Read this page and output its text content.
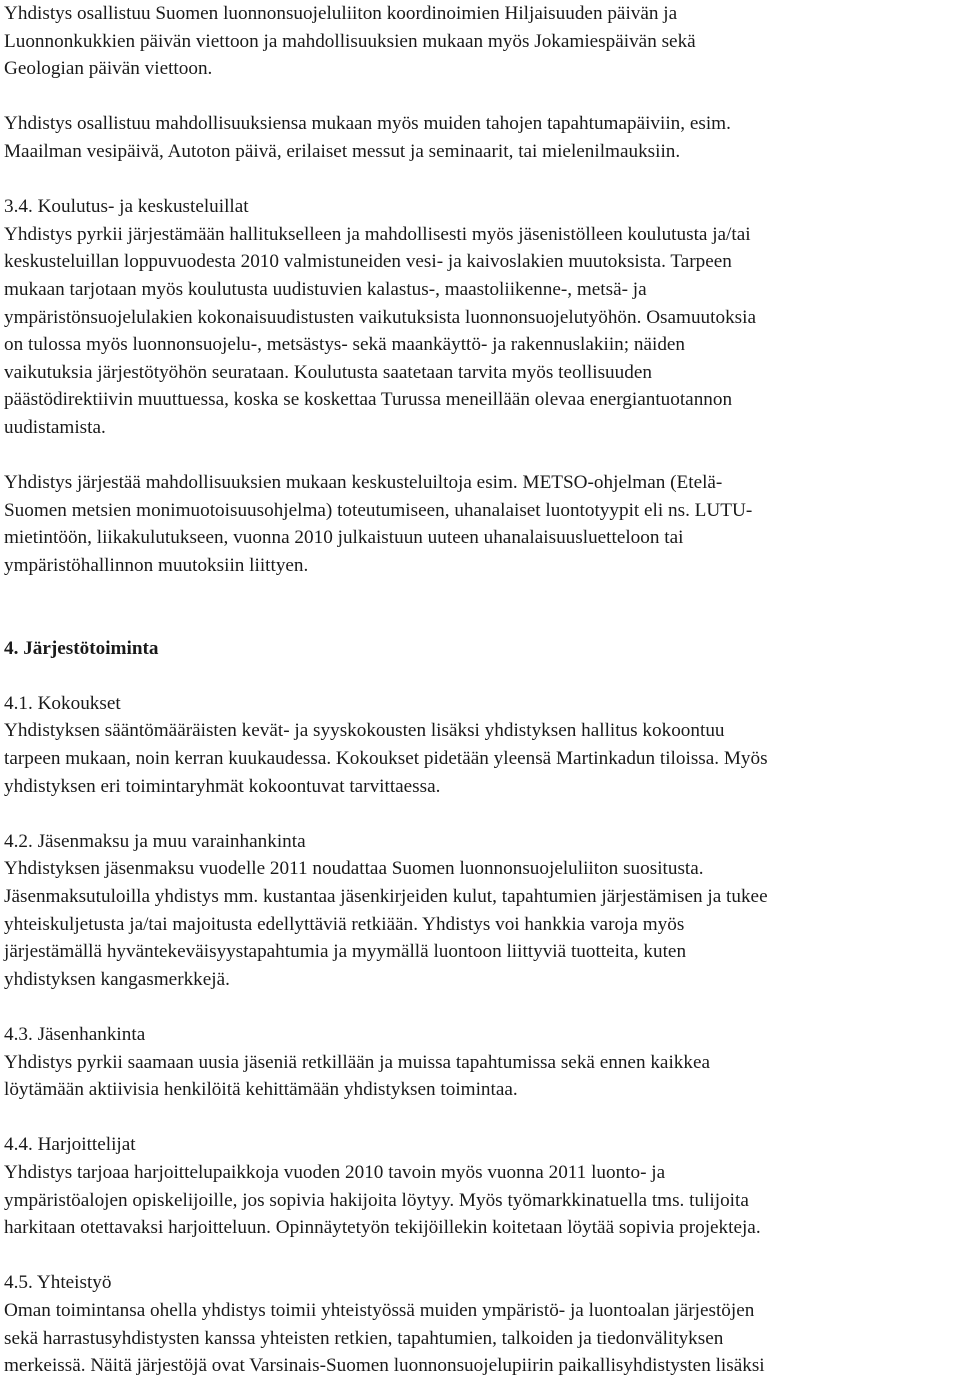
Yhdistys osallistuu Suomen luonnonsuojeluliiton koordinoimien Hiljaisuuden päivän ja
Luonnonkukkien päivän viettoon ja mahdollisuuksien mukaan myös Jokamiespäivän sekä
Geologian päivän viettoon.
Yhdistys osallistuu mahdollisuuksiensa mukaan myös muiden tahojen tapahtumapäiviin, esim.
Maailman vesipäivä, Autoton päivä, erilaiset messut ja seminaarit, tai mielenilmauksiin.
3.4. Koulutus- ja keskusteluillat
Yhdistys pyrkii järjestämään hallitukselleen ja mahdollisesti myös jäsenistölleen koulutusta ja/tai
keskusteluillan loppuvuodesta 2010 valmistuneiden vesi- ja kaivoslakien muutoksista. Tarpeen
mukaan tarjotaan myös koulutusta uudistuvien kalastus-, maastoliikenne-, metsä- ja
ympäristönsuojelulakien kokonaisuudistusten vaikutuksista luonnonsuojelutyöhön. Osamuutoksia
on tulossa myös luonnonsuojelu-, metsästys- sekä maankäyttö- ja rakennuslakiin; näiden
vaikutuksia järjestötyöhön seurataan. Koulutusta saatetaan tarvita myös teollisuuden
päästödirektiivin muuttuessa, koska se koskettaa Turussa meneillään olevaa energiantuotannon
uudistamista.
Yhdistys järjestää mahdollisuuksien mukaan keskusteluiltoja esim. METSO-ohjelman (Etelä-
Suomen metsien monimuotoisuusohjelma) toteutumiseen, uhanalaiset luontotyypit eli ns. LUTU-
mietintöön, liikakulutukseen, vuonna 2010 julkaistuun uuteen uhanalaisuusluetteloon tai
ympäristöhallinnon muutoksiin liittyen.
4. Järjestötoiminta
4.1. Kokoukset
Yhdistyksen sääntömääräisten kevät- ja syyskokousten lisäksi yhdistyksen hallitus kokoontuu
tarpeen mukaan, noin kerran kuukaudessa. Kokoukset pidetään yleensä Martinkadun tiloissa. Myös
yhdistyksen eri toimintaryhmät kokoontuvat tarvittaessa.
4.2. Jäsenmaksu ja muu varainhankinta
Yhdistyksen jäsenmaksu vuodelle 2011 noudattaa Suomen luonnonsuojeluliiton suositusta.
Jäsenmaksutuloilla yhdistys mm. kustantaa jäsenkirjeiden kulut, tapahtumien järjestämisen ja tukee
yhteiskuljetusta ja/tai majoitusta edellyttäviä retkiään. Yhdistys voi hankkia varoja myös
järjestämällä hyväntekeväisyystapahtumia ja myymällä luontoon liittyviä tuotteita, kuten
yhdistyksen kangasmerkkejä.
4.3. Jäsenhankinta
Yhdistys pyrkii saamaan uusia jäseniä retkillään ja muissa tapahtumissa sekä ennen kaikkea
löytämään aktiivisia henkilöitä kehittämään yhdistyksen toimintaa.
4.4. Harjoittelijat
Yhdistys tarjoaa harjoittelupaikkoja vuoden 2010 tavoin myös vuonna 2011 luonto- ja
ympäristöalojen opiskelijoille, jos sopivia hakijoita löytyy. Myös työmarkkinatuella tms. tulijoita
harkitaan otettavaksi harjoitteluun. Opinnäytetyön tekijöillekin koitetaan löytää sopivia projekteja.
4.5. Yhteistyö
Oman toimintansa ohella yhdistys toimii yhteistyössä muiden ympäristö- ja luontoalan järjestöjen
sekä harrastusyhdistysten kanssa yhteisten retkien, tapahtumien, talkoiden ja tiedonvälityksen
merkeissä. Näitä järjestöjä ovat Varsinais-Suomen luonnonsuojelupiirin paikallisyhdistysten lisäksi
